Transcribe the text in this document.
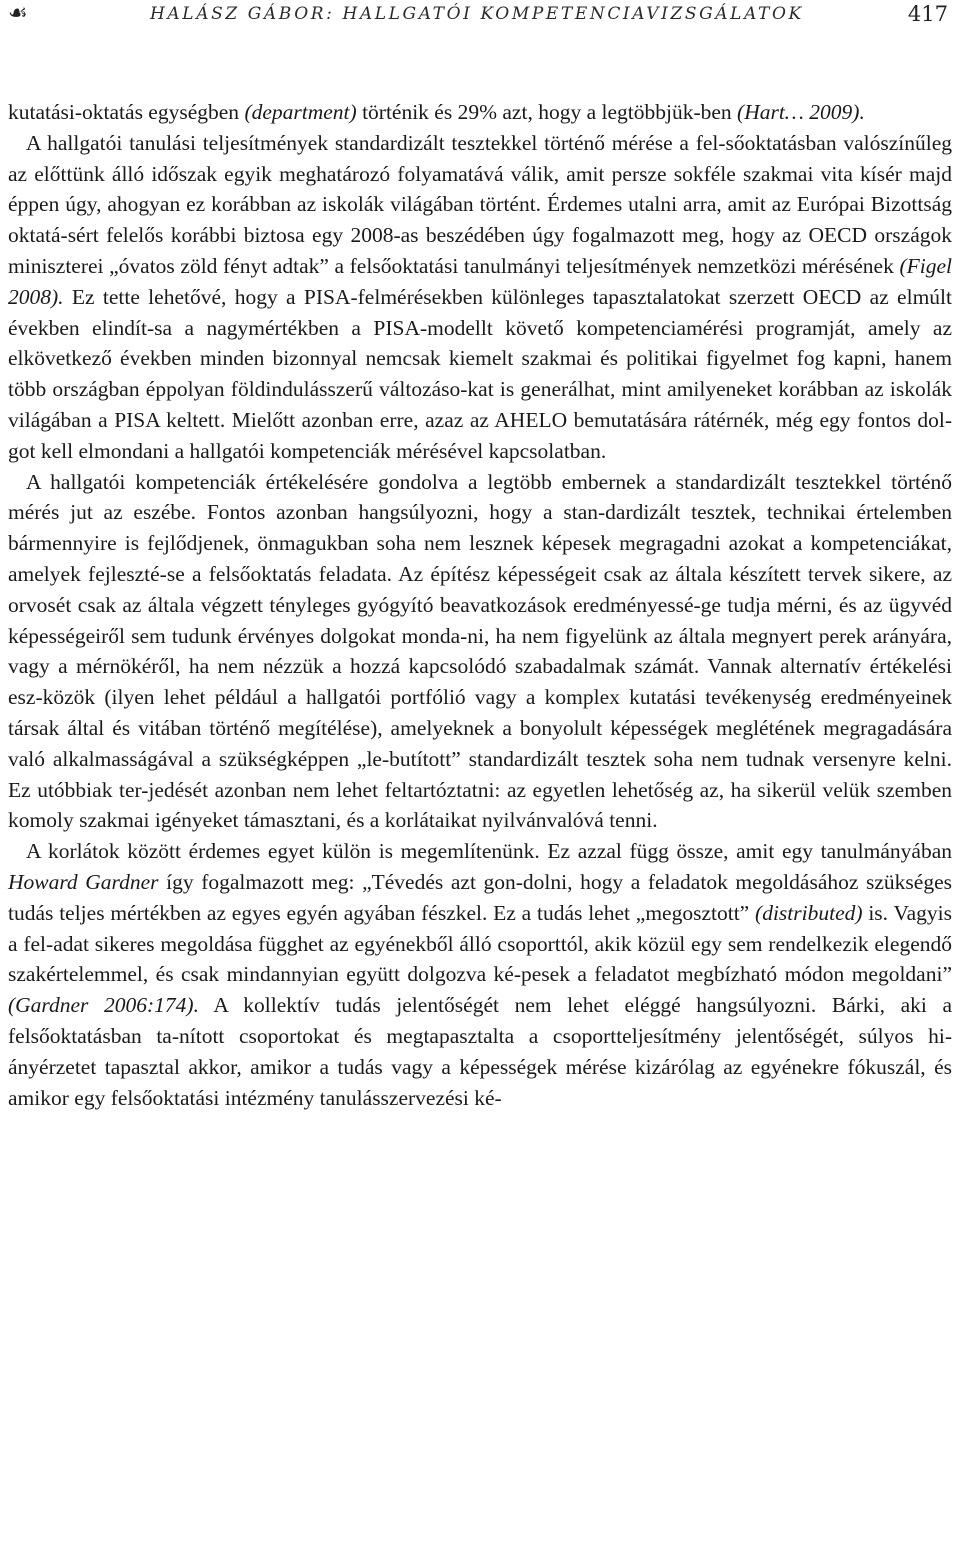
☙	HALÁSZ GÁBOR: HALLGATÓI KOMPETENCIAVIZSGÁLATOK	417

kutatási-oktatás egységben (department) történik és 29% azt, hogy a legtöbbjük-ben (Hart… 2009).

A hallgatói tanulási teljesítmények standardizált tesztekkel történő mérése a fel-sőoktatásban valószínűleg az előttünk álló időszak egyik meghatározó folyamatává válik, amit persze sokféle szakmai vita kísér majd éppen úgy, ahogyan ez korábban az iskolák világában történt. Érdemes utalni arra, amit az Európai Bizottság oktatá-sért felelős korábbi biztosa egy 2008-as beszédében úgy fogalmazott meg, hogy az OECD országok miniszterei „óvatos zöld fényt adtak” a felsőoktatási tanulmányi teljesítmények nemzetközi mérésének (Figel 2008). Ez tette lehetővé, hogy a PISA-felmérésekben különleges tapasztalatokat szerzett OECD az elmúlt években elindít-sa a nagymértékben a PISA-modellt követő kompetenciamérési programját, amely az elkövetkező években minden bizonnyal nemcsak kiemelt szakmai és politikai figyelmet fog kapni, hanem több országban éppolyan földindulásszerű változáso-kat is generálhat, mint amilyeneket korábban az iskolák világában a PISA keltett. Mielőtt azonban erre, azaz az AHELO bemutatására rátérnék, még egy fontos dol-got kell elmondani a hallgatói kompetenciák mérésével kapcsolatban.

A hallgatói kompetenciák értékelésére gondolva a legtöbb embernek a standardizált tesztekkel történő mérés jut az eszébe. Fontos azonban hangsúlyozni, hogy a stan-dardizált tesztek, technikai értelemben bármennyire is fejlődjenek, önmagukban soha nem lesznek képesek megragadni azokat a kompetenciákat, amelyek fejleszté-se a felsőoktatás feladata. Az építész képességeit csak az általa készített tervek sikere, az orvosét csak az általa végzett tényleges gyógyító beavatkozások eredményessé-ge tudja mérni, és az ügyvéd képességeiről sem tudunk érvényes dolgokat monda-ni, ha nem figyelünk az általa megnyert perek arányára, vagy a mérnökéről, ha nem nézzük a hozzá kapcsolódó szabadalmak számát. Vannak alternatív értékelési esz-közök (ilyen lehet például a hallgatói portfólió vagy a komplex kutatási tevékenység eredményeinek társak által és vitában történő megítélése), amelyeknek a bonyolult képességek meglétének megragadására való alkalmasságával a szükségképpen „le-butított” standardizált tesztek soha nem tudnak versenyre kelni. Ez utóbbiak ter-jedését azonban nem lehet feltartóztatni: az egyetlen lehetőség az, ha sikerül velük szemben komoly szakmai igényeket támasztani, és a korlátaikat nyilvánvalóvá tenni.

A korlátok között érdemes egyet külön is megemlítenünk. Ez azzal függ össze, amit egy tanulmányában Howard Gardner így fogalmazott meg: „Tévedés azt gon-dolni, hogy a feladatok megoldásához szükséges tudás teljes mértékben az egyes egyén agyában fészkel. Ez a tudás lehet „megosztott” (distributed) is. Vagyis a fel-adat sikeres megoldása függhet az egyénekből álló csoporttól, akik közül egy sem rendelkezik elegendő szakértelemmel, és csak mindannyian együtt dolgozva ké-pesek a feladatot megbízható módon megoldani” (Gardner 2006:174). A kollektív tudás jelentőségét nem lehet eléggé hangsúlyozni. Bárki, aki a felsőoktatásban ta-nított csoportokat és megtapasztalta a csoportteljesítmény jelentőségét, súlyos hi-ányérzetet tapasztal akkor, amikor a tudás vagy a képességek mérése kizárólag az egyénekre fókuszál, és amikor egy felsőoktatási intézmény tanulásszervezési ké-
